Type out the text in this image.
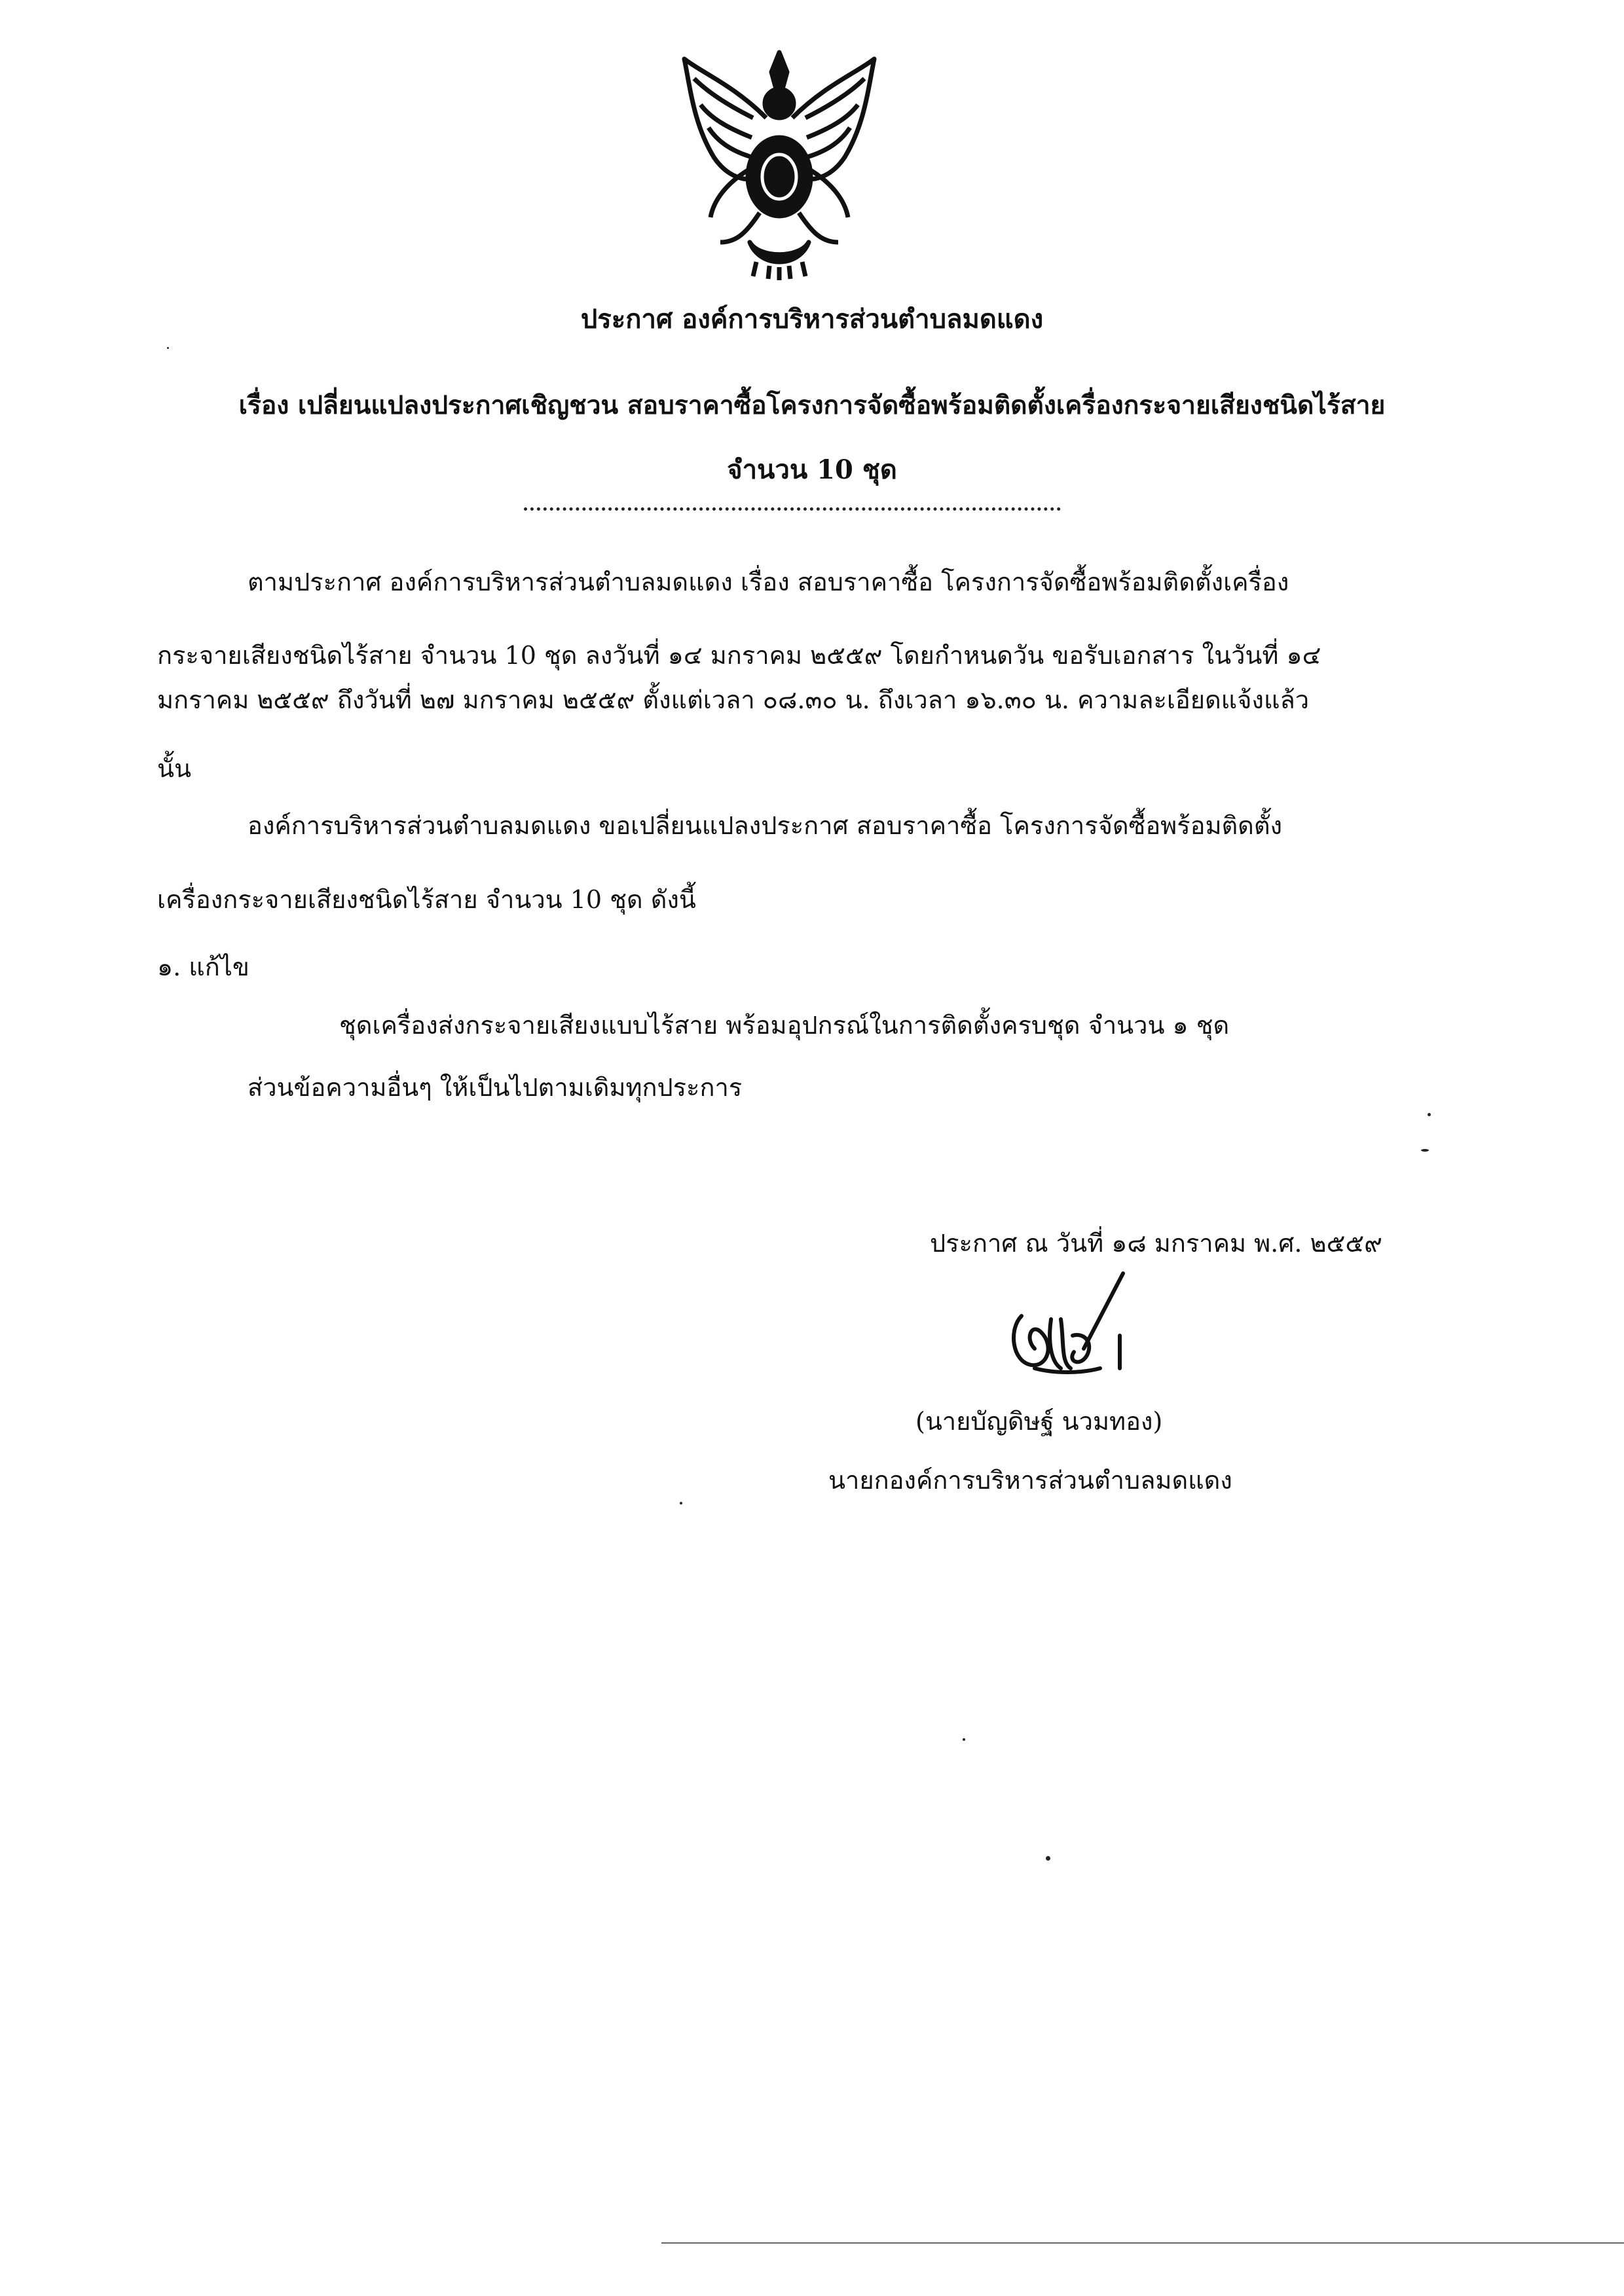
ประกาศ องค์การบริหารส่วนตำบลมดแดง
เรื่อง เปลี่ยนแปลงประกาศเชิญชวน สอบราคาซื้อโครงการจัดซื้อพร้อมติดตั้งเครื่องกระจายเสียงชนิดไร้สาย
จำนวน 10 ชุด
ตามประกาศ องค์การบริหารส่วนตำบลมดแดง เรื่อง สอบราคาซื้อ โครงการจัดซื้อพร้อมติดตั้งเครื่อง
กระจายเสียงชนิดไร้สาย จำนวน 10 ชุด ลงวันที่ ๑๔ มกราคม ๒๕๕๙ โดยกำหนดวัน ขอรับเอกสาร ในวันที่ ๑๔
มกราคม ๒๕๕๙ ถึงวันที่ ๒๗ มกราคม ๒๕๕๙ ตั้งแต่เวลา ๐๘.๓๐ น. ถึงเวลา ๑๖.๓๐ น. ความละเอียดแจ้งแล้ว
นั้น
องค์การบริหารส่วนตำบลมดแดง ขอเปลี่ยนแปลงประกาศ สอบราคาซื้อ โครงการจัดซื้อพร้อมติดตั้ง
เครื่องกระจายเสียงชนิดไร้สาย จำนวน 10 ชุด ดังนี้
๑. แก้ไข
ชุดเครื่องส่งกระจายเสียงแบบไร้สาย พร้อมอุปกรณ์ในการติดตั้งครบชุด จำนวน ๑ ชุด
ส่วนข้อความอื่นๆ ให้เป็นไปตามเดิมทุกประการ
ประกาศ ณ วันที่ ๑๘ มกราคม พ.ศ. ๒๕๕๙
(นายบัญดิษฐ์ นวมทอง)
นายกองค์การบริหารส่วนตำบลมดแดง
